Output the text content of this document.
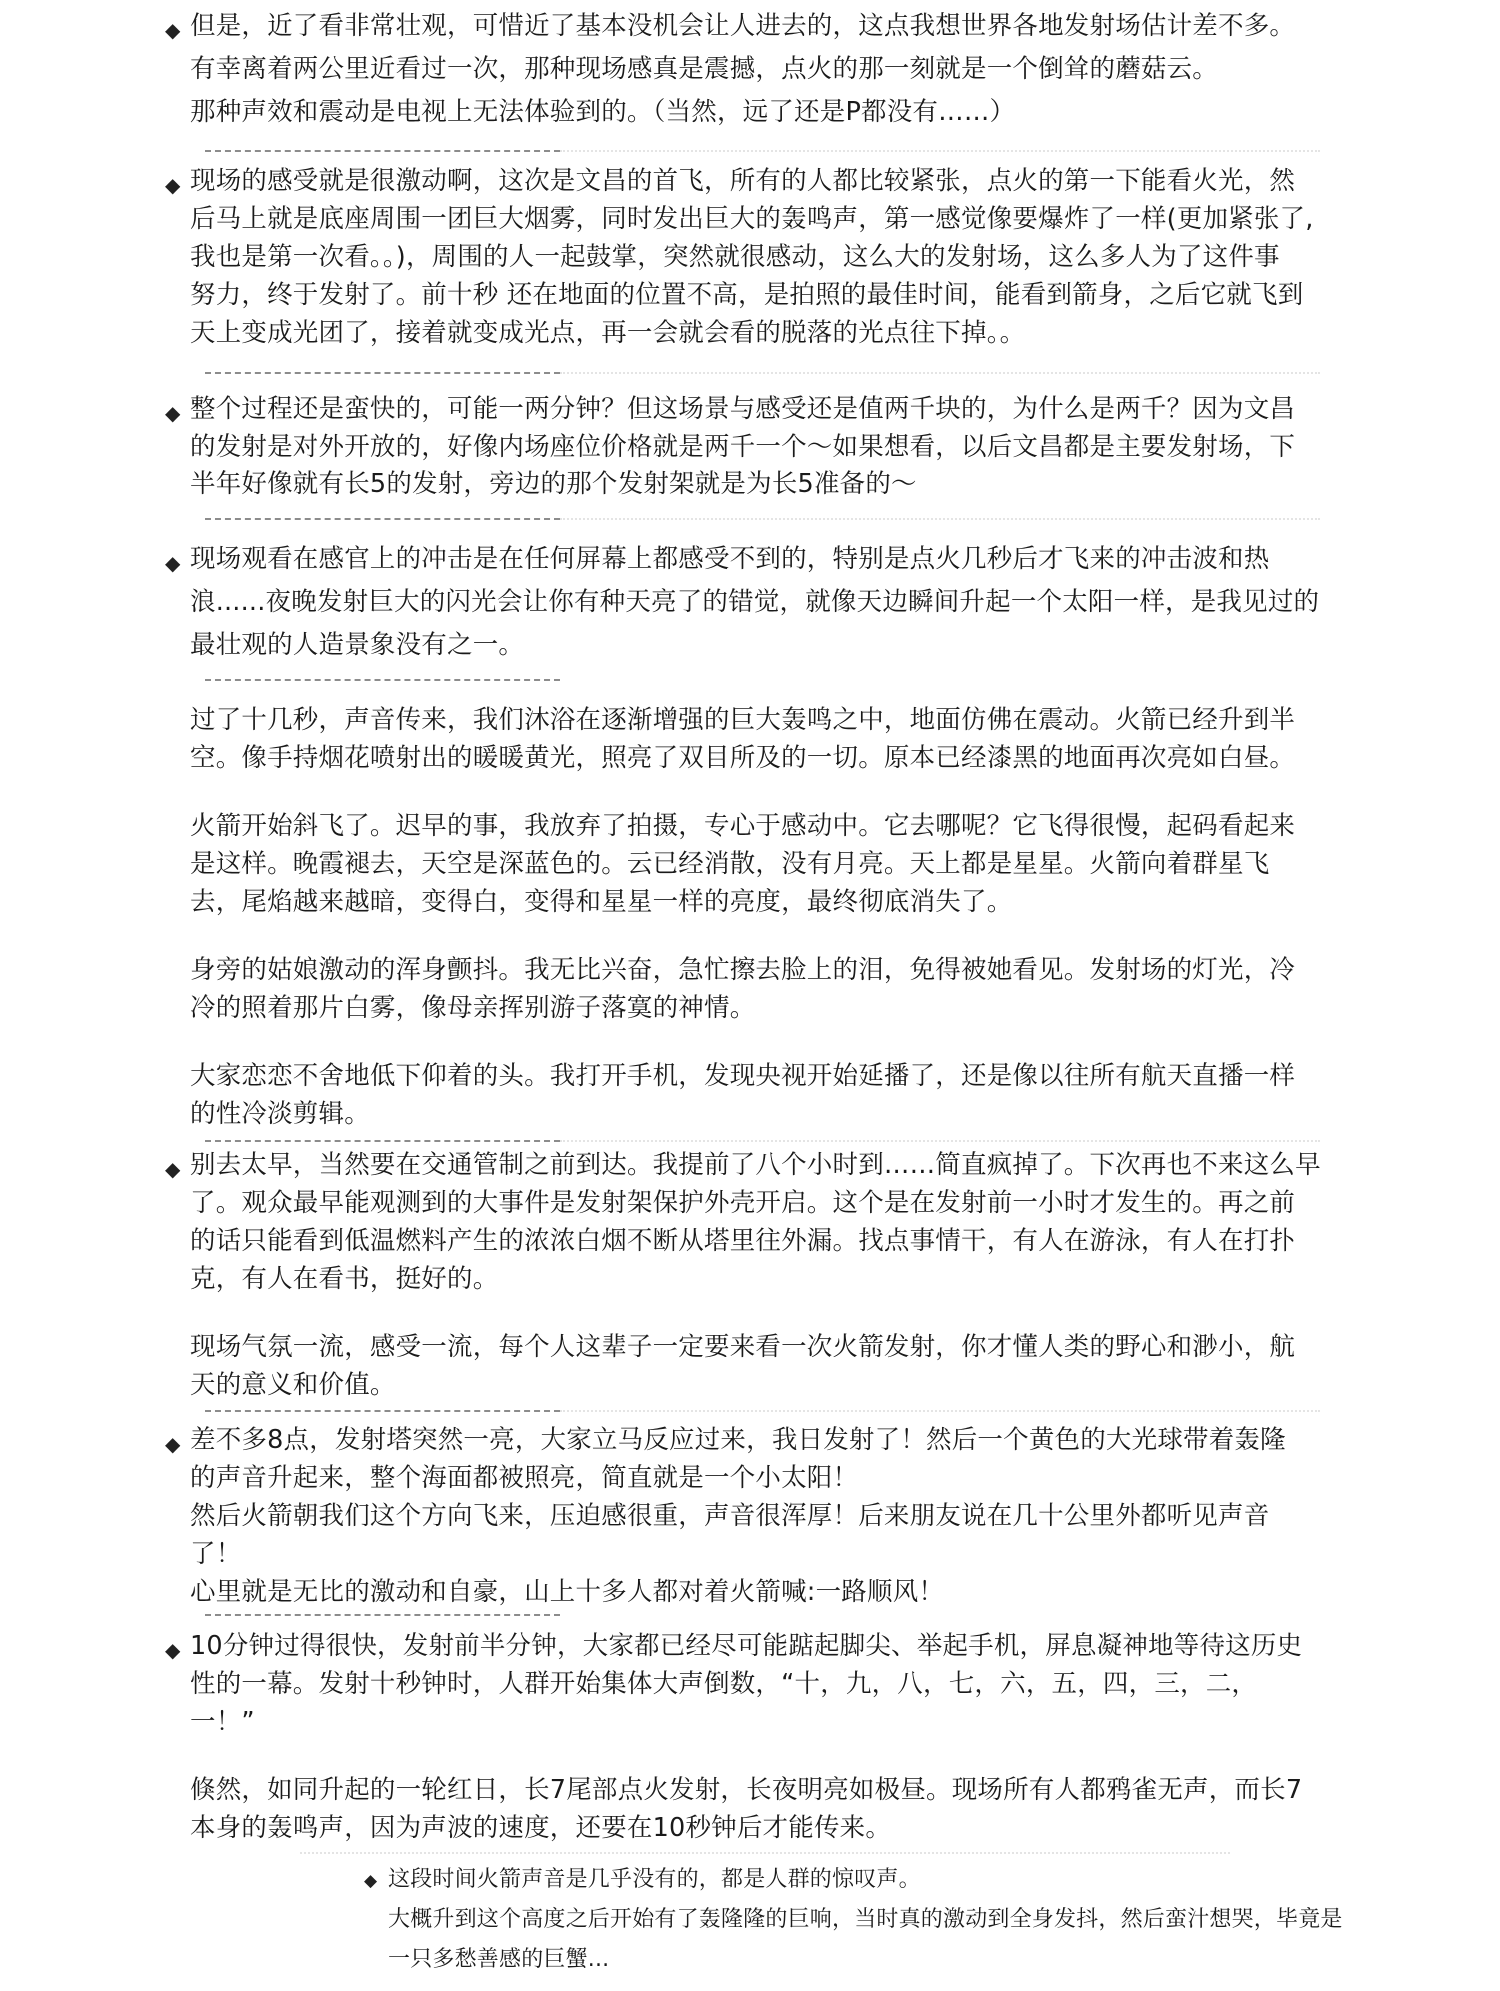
◆ 但是，近了看非常壮观，可惜近了基本没机会让人进去的，这点我想世界各地发射场估计差不多。
有幸离着两公里近看过一次，那种现场感真是震撼，点火的那一刻就是一个倒耸的蘑菇云。
那种声效和震动是电视上无法体验到的。（当然，远了还是P都没有……）
◆ 现场的感受就是很激动啊，这次是文昌的首飞，所有的人都比较紧张，点火的第一下能看火光，然
后马上就是底座周围一团巨大烟雾，同时发出巨大的轰鸣声，第一感觉像要爆炸了一样(更加紧张了,
我也是第一次看。。)，周围的人一起鼓掌，突然就很感动，这么大的发射场，这么多人为了这件事
努力，终于发射了。前十秒 还在地面的位置不高，是拍照的最佳时间，能看到箭身，之后它就飞到
天上变成光团了，接着就变成光点，再一会就会看的脱落的光点往下掉。。
◆ 整个过程还是蛮快的，可能一两分钟？但这场景与感受还是值两千块的，为什么是两千？因为文昌
的发射是对外开放的，好像内场座位价格就是两千一个～如果想看，以后文昌都是主要发射场，下
半年好像就有长5的发射，旁边的那个发射架就是为长5准备的～
◆ 现场观看在感官上的冲击是在任何屏幕上都感受不到的，特别是点火几秒后才飞来的冲击波和热
浪......夜晚发射巨大的闪光会让你有种天亮了的错觉，就像天边瞬间升起一个太阳一样，是我见过的
最壮观的人造景象没有之一。
过了十几秒，声音传来，我们沐浴在逐渐增强的巨大轰鸣之中，地面仿佛在震动。火箭已经升到半
空。像手持烟花喷射出的暖暖黄光，照亮了双目所及的一切。原本已经漆黑的地面再次亮如白昼。
火箭开始斜飞了。迟早的事，我放弃了拍摄，专心于感动中。它去哪呢？它飞得很慢，起码看起来
是这样。晚霞褪去，天空是深蓝色的。云已经消散，没有月亮。天上都是星星。火箭向着群星飞
去，尾焰越来越暗，变得白，变得和星星一样的亮度，最终彻底消失了。
身旁的姑娘激动的浑身颤抖。我无比兴奋，急忙擦去脸上的泪，免得被她看见。发射场的灯光，冷
冷的照着那片白雾，像母亲挥别游子落寞的神情。
大家恋恋不舍地低下仰着的头。我打开手机，发现央视开始延播了，还是像以往所有航天直播一样
的性冷淡剪辑。
◆ 别去太早，当然要在交通管制之前到达。我提前了八个小时到……简直疯掉了。下次再也不来这么早
了。观众最早能观测到的大事件是发射架保护外壳开启。这个是在发射前一小时才发生的。再之前
的话只能看到低温燃料产生的浓浓白烟不断从塔里往外漏。找点事情干，有人在游泳，有人在打扑
克，有人在看书，挺好的。
现场气氛一流，感受一流，每个人这辈子一定要来看一次火箭发射，你才懂人类的野心和渺小，航
天的意义和价值。
◆ 差不多8点，发射塔突然一亮，大家立马反应过来，我日发射了！然后一个黄色的大光球带着轰隆
的声音升起来，整个海面都被照亮，简直就是一个小太阳！
然后火箭朝我们这个方向飞来，压迫感很重，声音很浑厚！后来朋友说在几十公里外都听见声音
了！
心里就是无比的激动和自豪，山上十多人都对着火箭喊:一路顺风！
◆ 10分钟过得很快，发射前半分钟，大家都已经尽可能踮起脚尖、举起手机，屏息凝神地等待这历史
性的一幕。发射十秒钟时，人群开始集体大声倒数，“十，九，八，七，六，五，四，三，二，
一！”
倏然，如同升起的一轮红日，长7尾部点火发射，长夜明亮如极昼。现场所有人都鸦雀无声，而长7
本身的轰鸣声，因为声波的速度，还要在10秒钟后才能传来。
◆ 这段时间火箭声音是几乎没有的，都是人群的惊叹声。
大概升到这个高度之后开始有了轰隆隆的巨响，当时真的激动到全身发抖，然后蛮汁想哭，毕竟是
一只多愁善感的巨蟹...
